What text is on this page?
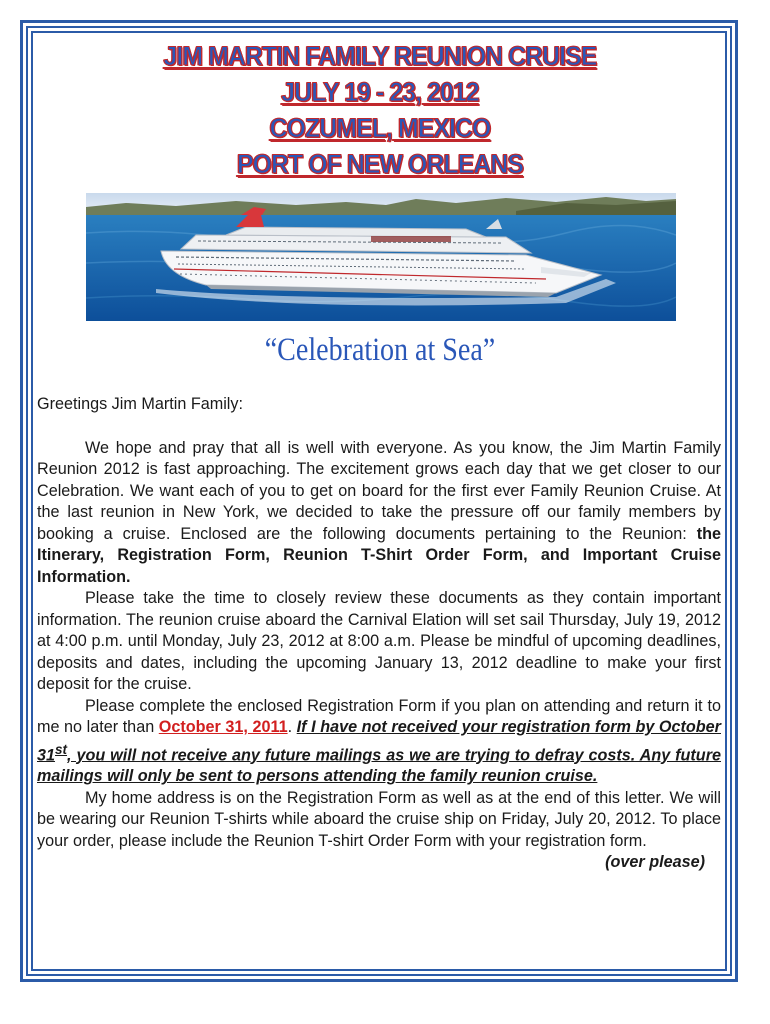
JIM MARTIN FAMILY REUNION CRUISE
JULY 19 - 23, 2012
COZUMEL, MEXICO
PORT OF NEW ORLEANS
“Celebration at Sea”

Greetings Jim Martin Family:

We hope and pray that all is well with everyone. As you know, the Jim Martin Family Reunion 2012 is fast approaching. The excitement grows each day that we get closer to our Celebration. We want each of you to get on board for the first ever Family Reunion Cruise. At the last reunion in New York, we decided to take the pressure off our family members by booking a cruise. Enclosed are the following documents pertaining to the Reunion: the Itinerary, Registration Form, Reunion T-Shirt Order Form, and Important Cruise Information.

Please take the time to closely review these documents as they contain important information. The reunion cruise aboard the Carnival Elation will set sail Thursday, July 19, 2012 at 4:00 p.m. until Monday, July 23, 2012 at 8:00 a.m. Please be mindful of upcoming deadlines, deposits and dates, including the upcoming January 13, 2012 deadline to make your first deposit for the cruise.

Please complete the enclosed Registration Form if you plan on attending and return it to me no later than October 31, 2011. If I have not received your registration form by October 31st, you will not receive any future mailings as we are trying to defray costs. Any future mailings will only be sent to persons attending the family reunion cruise.

My home address is on the Registration Form as well as at the end of this letter. We will be wearing our Reunion T-shirts while aboard the cruise ship on Friday, July 20, 2012. To place your order, please include the Reunion T-shirt Order Form with your registration form.

(over please)
